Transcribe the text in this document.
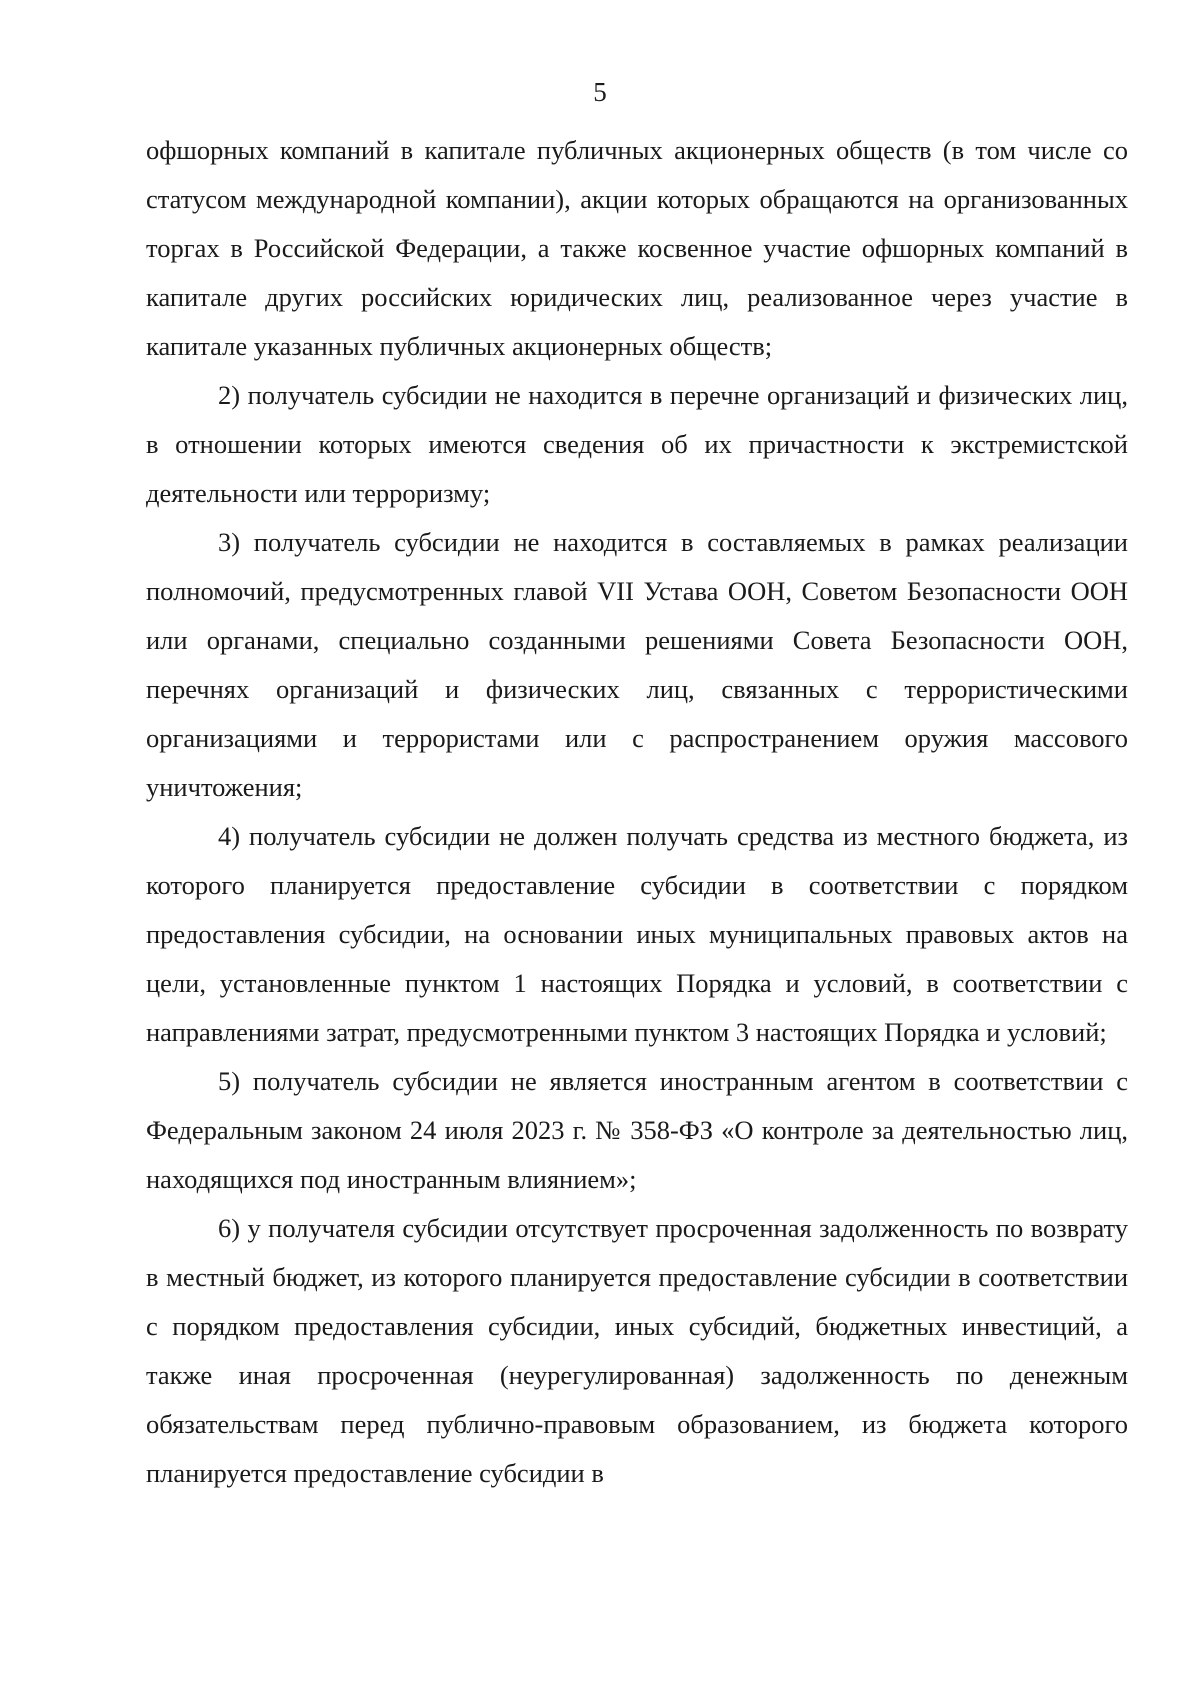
5

офшорных компаний в капитале публичных акционерных обществ (в том числе со статусом международной компании), акции которых обращаются на организованных торгах в Российской Федерации, а также косвенное участие офшорных компаний в капитале других российских юридических лиц, реализованное через участие в капитале указанных публичных акционерных обществ;

2) получатель субсидии не находится в перечне организаций и физических лиц, в отношении которых имеются сведения об их причастности к экстремистской деятельности или терроризму;

3) получатель субсидии не находится в составляемых в рамках реализации полномочий, предусмотренных главой VII Устава ООН, Советом Безопасности ООН или органами, специально созданными решениями Совета Безопасности ООН, перечнях организаций и физических лиц, связанных с террористическими организациями и террористами или с распространением оружия массового уничтожения;

4) получатель субсидии не должен получать средства из местного бюджета, из которого планируется предоставление субсидии в соответствии с порядком предоставления субсидии, на основании иных муниципальных правовых актов на цели, установленные пунктом 1 настоящих Порядка и условий, в соответствии с направлениями затрат, предусмотренными пунктом 3 настоящих Порядка и условий;

5) получатель субсидии не является иностранным агентом в соответствии с Федеральным законом 24 июля 2023 г. № 358-ФЗ «О контроле за деятельностью лиц, находящихся под иностранным влиянием»;

6) у получателя субсидии отсутствует просроченная задолженность по возврату в местный бюджет, из которого планируется предоставление субсидии в соответствии с порядком предоставления субсидии, иных субсидий, бюджетных инвестиций, а также иная просроченная (неурегулированная) задолженность по денежным обязательствам перед публично-правовым образованием, из бюджета которого планируется предоставление субсидии в
